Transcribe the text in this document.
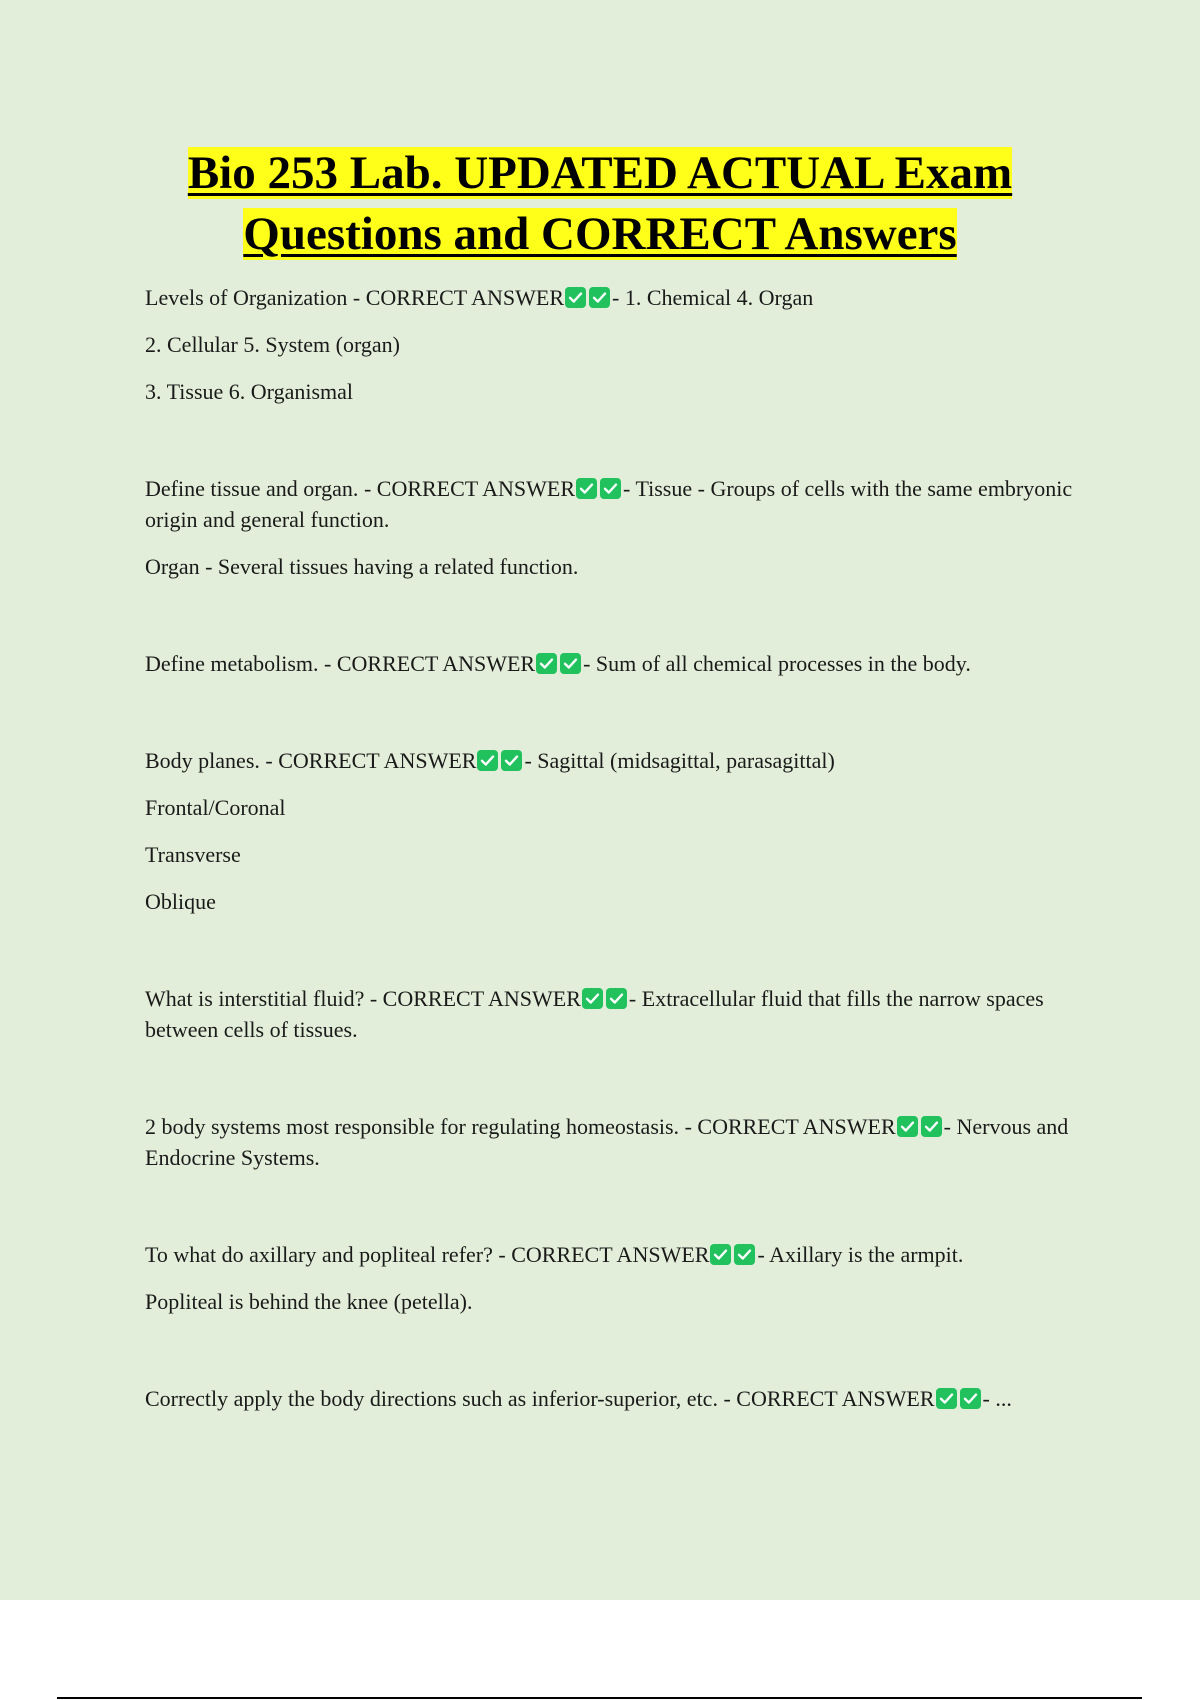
Bio 253 Lab. UPDATED ACTUAL Exam
Questions and CORRECT Answers

Levels of Organization - CORRECT ANSWER - 1. Chemical 4. Organ

2. Cellular 5. System (organ)

3. Tissue 6. Organismal

Define tissue and organ. - CORRECT ANSWER - Tissue - Groups of cells with the same embryonic origin and general function.

Organ - Several tissues having a related function.

Define metabolism. - CORRECT ANSWER - Sum of all chemical processes in the body.

Body planes. - CORRECT ANSWER - Sagittal (midsagittal, parasagittal)

Frontal/Coronal

Transverse

Oblique

What is interstitial fluid? - CORRECT ANSWER - Extracellular fluid that fills the narrow spaces between cells of tissues.

2 body systems most responsible for regulating homeostasis. - CORRECT ANSWER - Nervous and Endocrine Systems.

To what do axillary and popliteal refer? - CORRECT ANSWER - Axillary is the armpit.

Popliteal is behind the knee (petella).

Correctly apply the body directions such as inferior-superior, etc. - CORRECT ANSWER - ...
